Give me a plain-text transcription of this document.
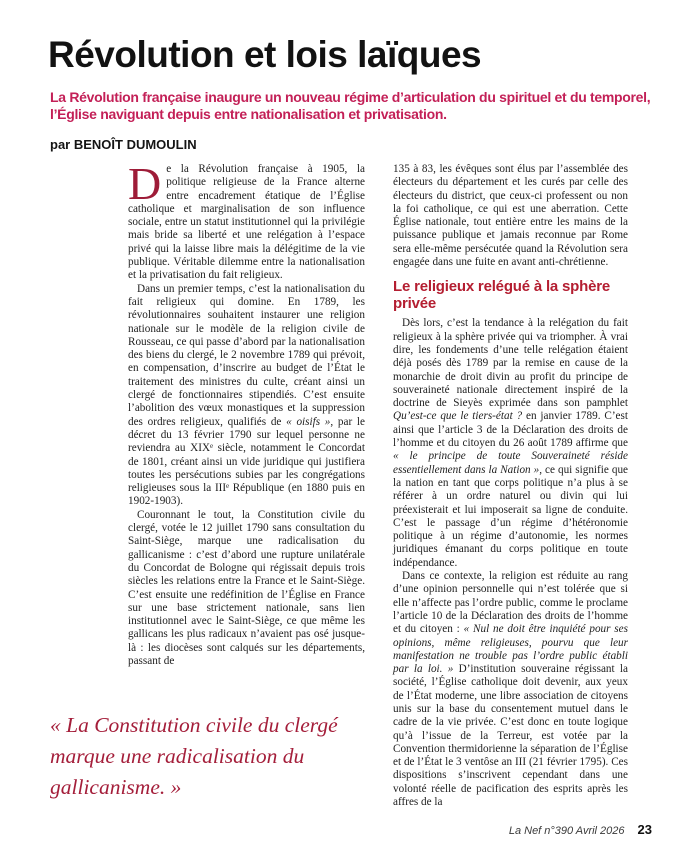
Révolution et lois laïques

La Révolution française inaugure un nouveau régime d’articulation du spirituel et du temporel, l’Église naviguant depuis entre nationalisation et privatisation.

par BENOÎT DUMOULIN

De la Révolution française à 1905, la politique religieuse de la France alterne entre encadrement étatique de l’Église catholique et marginalisation de son influence sociale, entre un statut institutionnel qui la privilégie mais bride sa liberté et une relégation à l’espace privé qui la laisse libre mais la délégitime de la vie publique. Véritable dilemme entre la nationalisation et la privatisation du fait religieux.

Dans un premier temps, c’est la nationalisation du fait religieux qui domine. En 1789, les révolutionnaires souhaitent instaurer une religion nationale sur le modèle de la religion civile de Rousseau, ce qui passe d’abord par la nationalisation des biens du clergé, le 2 novembre 1789 qui prévoit, en compensation, d’inscrire au budget de l’État le traitement des ministres du culte, créant ainsi un clergé de fonctionnaires stipendiés. C’est ensuite l’abolition des vœux monastiques et la suppression des ordres religieux, qualifiés de « oisifs », par le décret du 13 février 1790 sur lequel personne ne reviendra au XIXᵉ siècle, notamment le Concordat de 1801, créant ainsi un vide juridique qui justifiera toutes les persécutions subies par les congrégations religieuses sous la IIIᵉ République (en 1880 puis en 1902-1903).

Couronnant le tout, la Constitution civile du clergé, votée le 12 juillet 1790 sans consultation du Saint-Siège, marque une radicalisation du gallicanisme : c’est d’abord une rupture unilatérale du Concordat de Bologne qui régissait depuis trois siècles les relations entre la France et le Saint-Siège. C’est ensuite une redéfinition de l’Église en France sur une base strictement nationale, sans lien institutionnel avec le Saint-Siège, ce que même les gallicans les plus radicaux n’avaient pas osé jusque-là : les diocèses sont calqués sur les départements, passant de

135 à 83, les évêques sont élus par l’assemblée des électeurs du département et les curés par celle des électeurs du district, que ceux-ci professent ou non la foi catholique, ce qui est une aberration. Cette Église nationale, tout entière entre les mains de la puissance publique et jamais reconnue par Rome sera elle-même persécutée quand la Révolution sera engagée dans une fuite en avant anti-chrétienne.

Le religieux relégué à la sphère privée

Dès lors, c’est la tendance à la relégation du fait religieux à la sphère privée qui va triompher. À vrai dire, les fondements d’une telle relégation étaient déjà posés dès 1789 par la remise en cause de la monarchie de droit divin au profit du principe de souveraineté nationale directement inspiré de la doctrine de Sieyès exprimée dans son pamphlet Qu’est-ce que le tiers-état ? en janvier 1789. C’est ainsi que l’article 3 de la Déclaration des droits de l’homme et du citoyen du 26 août 1789 affirme que « le principe de toute Souveraineté réside essentiellement dans la Nation », ce qui signifie que la nation en tant que corps politique n’a plus à se référer à un ordre naturel ou divin qui lui préexisterait et lui imposerait sa ligne de conduite. C’est le passage d’un régime d’hétéronomie politique à un régime d’autonomie, les normes juridiques émanant du corps politique en toute indépendance.

Dans ce contexte, la religion est réduite au rang d’une opinion personnelle qui n’est tolérée que si elle n’affecte pas l’ordre public, comme le proclame l’article 10 de la Déclaration des droits de l’homme et du citoyen : « Nul ne doit être inquiété pour ses opinions, même religieuses, pourvu que leur manifestation ne trouble pas l’ordre public établi par la loi. » D’institution souveraine régissant la société, l’Église catholique doit devenir, aux yeux de l’État moderne, une libre association de citoyens unis sur la base du consentement mutuel dans le cadre de la vie privée. C’est donc en toute logique qu’à l’issue de la Terreur, est votée par la Convention thermidorienne la séparation de l’Église et de l’État le 3 ventôse an III (21 février 1795). Ces dispositions s’inscrivent cependant dans une volonté réelle de pacification des esprits après les affres de la

« La Constitution civile du clergé marque une radicalisation du gallicanisme. »
La Nef n°390 Avril 2026 23
